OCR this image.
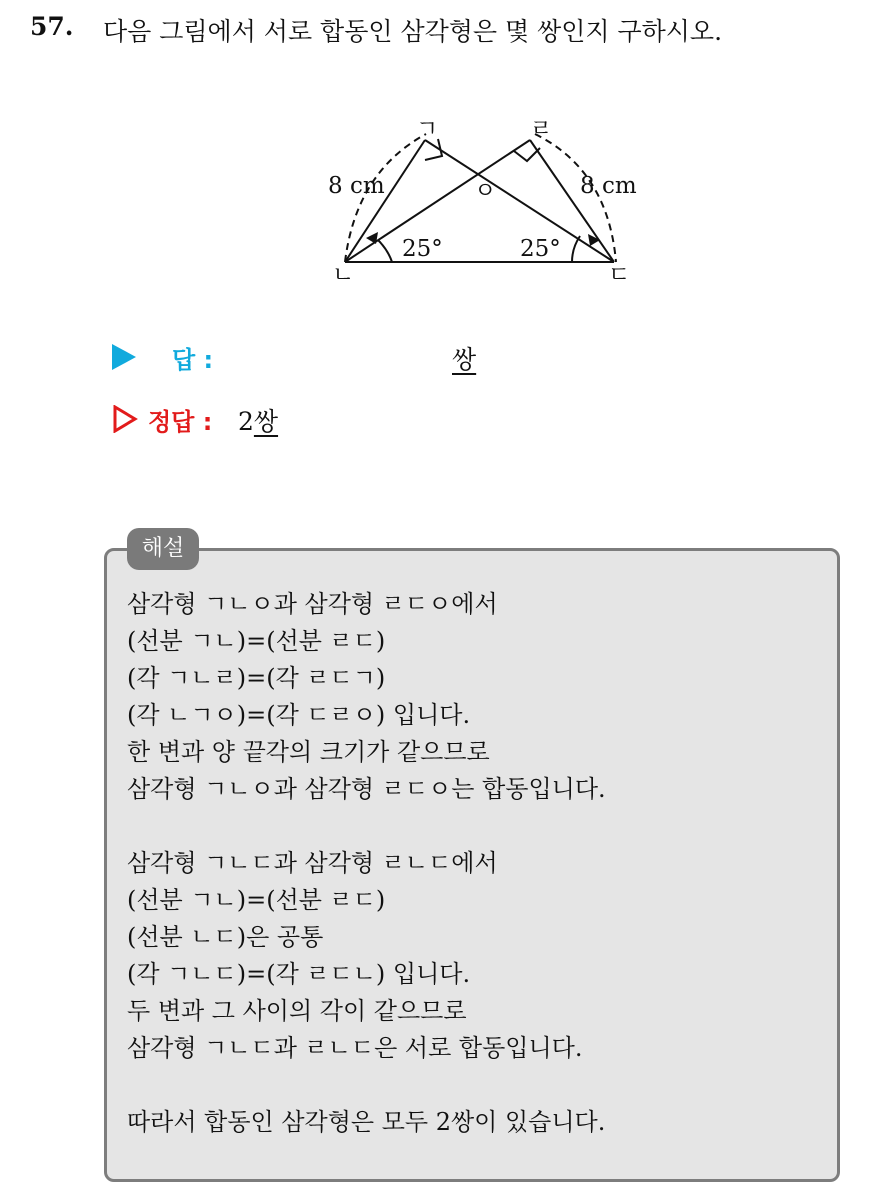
57. 다음 그림에서 서로 합동인 삼각형은 몇 쌍인지 구하시오.
ㄱ	ㄹ
ㄴ	ㄷ
ㅇ
8 cm	8 cm
25°	25°
답 :	쌍
정답 : 2쌍
해설
삼각형 ㄱㄴㅇ과 삼각형 ㄹㄷㅇ에서
(선분 ㄱㄴ)=(선분 ㄹㄷ)
(각 ㄱㄴㄹ)=(각 ㄹㄷㄱ)
(각 ㄴㄱㅇ)=(각 ㄷㄹㅇ) 입니다.
한 변과 양 끝각의 크기가 같으므로
삼각형 ㄱㄴㅇ과 삼각형 ㄹㄷㅇ는 합동입니다.
삼각형 ㄱㄴㄷ과 삼각형 ㄹㄴㄷ에서
(선분 ㄱㄴ)=(선분 ㄹㄷ)
(선분 ㄴㄷ)은 공통
(각 ㄱㄴㄷ)=(각 ㄹㄷㄴ) 입니다.
두 변과 그 사이의 각이 같으므로
삼각형 ㄱㄴㄷ과 ㄹㄴㄷ은 서로 합동입니다.
따라서 합동인 삼각형은 모두 2쌍이 있습니다.
